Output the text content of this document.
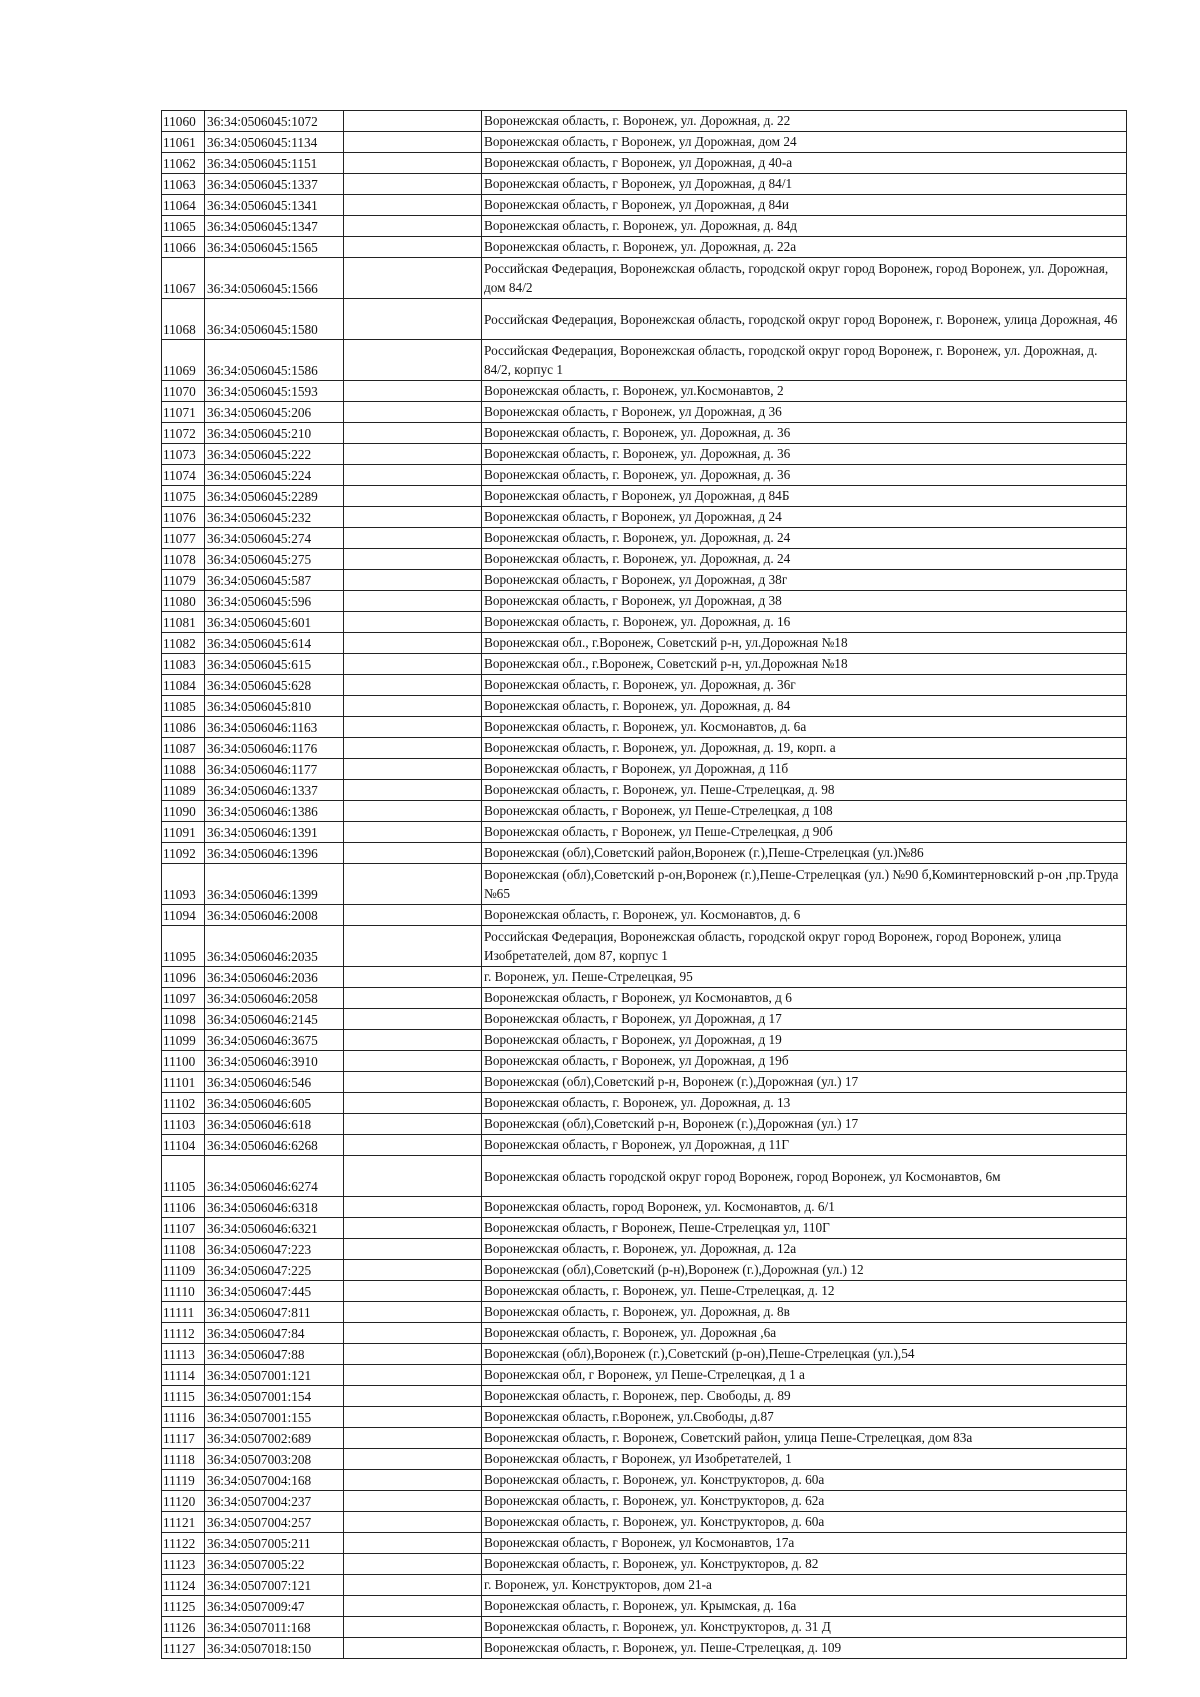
11060	36:34:0506045:1072		Воронежская область, г. Воронеж, ул. Дорожная, д. 22
11061	36:34:0506045:1134		Воронежская область, г Воронеж, ул Дорожная, дом 24
11062	36:34:0506045:1151		Воронежская область, г Воронеж, ул Дорожная, д 40-а
11063	36:34:0506045:1337		Воронежская область, г Воронеж, ул Дорожная, д 84/1
11064	36:34:0506045:1341		Воронежская область, г Воронеж, ул Дорожная, д 84и
11065	36:34:0506045:1347		Воронежская область, г. Воронеж, ул. Дорожная, д. 84д
11066	36:34:0506045:1565		Воронежская область, г. Воронеж, ул. Дорожная, д. 22а
11067	36:34:0506045:1566		Российская Федерация, Воронежская область, городской округ город Воронеж, город Воронеж, ул. Дорожная, дом 84/2
11068	36:34:0506045:1580		Российская Федерация, Воронежская область, городской округ город Воронеж, г. Воронеж, улица Дорожная, 46
11069	36:34:0506045:1586		Российская Федерация, Воронежская область, городской округ город Воронеж, г. Воронеж, ул. Дорожная, д. 84/2, корпус 1
11070	36:34:0506045:1593		Воронежская область, г. Воронеж, ул.Космонавтов, 2
11071	36:34:0506045:206		Воронежская область, г Воронеж, ул Дорожная, д 36
11072	36:34:0506045:210		Воронежская область, г. Воронеж, ул. Дорожная, д. 36
11073	36:34:0506045:222		Воронежская область, г. Воронеж, ул. Дорожная, д. 36
11074	36:34:0506045:224		Воронежская область, г. Воронеж, ул. Дорожная, д. 36
11075	36:34:0506045:2289		Воронежская область, г Воронеж, ул Дорожная, д 84Б
11076	36:34:0506045:232		Воронежская область, г Воронеж, ул Дорожная, д 24
11077	36:34:0506045:274		Воронежская область, г. Воронеж, ул. Дорожная, д. 24
11078	36:34:0506045:275		Воронежская область, г. Воронеж, ул. Дорожная, д. 24
11079	36:34:0506045:587		Воронежская область, г Воронеж, ул Дорожная, д 38г
11080	36:34:0506045:596		Воронежская область, г Воронеж, ул Дорожная, д 38
11081	36:34:0506045:601		Воронежская область, г. Воронеж, ул. Дорожная, д. 16
11082	36:34:0506045:614		Воронежская обл., г.Воронеж, Советский р-н, ул.Дорожная №18
11083	36:34:0506045:615		Воронежская обл., г.Воронеж, Советский р-н, ул.Дорожная №18
11084	36:34:0506045:628		Воронежская область, г. Воронеж, ул. Дорожная, д. 36г
11085	36:34:0506045:810		Воронежская область, г. Воронеж, ул. Дорожная, д. 84
11086	36:34:0506046:1163		Воронежская область, г. Воронеж, ул. Космонавтов, д. 6а
11087	36:34:0506046:1176		Воронежская область, г. Воронеж, ул. Дорожная, д. 19, корп. а
11088	36:34:0506046:1177		Воронежская область, г Воронеж, ул Дорожная, д 11б
11089	36:34:0506046:1337		Воронежская область, г. Воронеж, ул. Пеше-Стрелецкая, д. 98
11090	36:34:0506046:1386		Воронежская область, г Воронеж, ул Пеше-Стрелецкая, д 108
11091	36:34:0506046:1391		Воронежская область, г Воронеж, ул Пеше-Стрелецкая, д 90б
11092	36:34:0506046:1396		Воронежская (обл),Советский район,Воронеж (г.),Пеше-Стрелецкая (ул.)№86
11093	36:34:0506046:1399		Воронежская (обл),Советский р-он,Воронеж (г.),Пеше-Стрелецкая (ул.) №90 б,Коминтерновский р-он ,пр.Труда №65
11094	36:34:0506046:2008		Воронежская область, г. Воронеж, ул. Космонавтов, д. 6
11095	36:34:0506046:2035		Российская Федерация, Воронежская область, городской округ город Воронеж, город Воронеж, улица Изобретателей, дом 87, корпус 1
11096	36:34:0506046:2036		г. Воронеж, ул. Пеше-Стрелецкая, 95
11097	36:34:0506046:2058		Воронежская область, г Воронеж, ул Космонавтов, д 6
11098	36:34:0506046:2145		Воронежская область, г Воронеж, ул Дорожная, д 17
11099	36:34:0506046:3675		Воронежская область, г Воронеж, ул Дорожная, д 19
11100	36:34:0506046:3910		Воронежская область, г Воронеж, ул Дорожная, д 19б
11101	36:34:0506046:546		Воронежская (обл),Советский р-н, Воронеж (г.),Дорожная (ул.) 17
11102	36:34:0506046:605		Воронежская область, г. Воронеж, ул. Дорожная, д. 13
11103	36:34:0506046:618		Воронежская (обл),Советский р-н, Воронеж (г.),Дорожная (ул.) 17
11104	36:34:0506046:6268		Воронежская область, г Воронеж, ул Дорожная, д 11Г
11105	36:34:0506046:6274		Воронежская область городской округ город Воронеж, город Воронеж, ул Космонавтов, 6м
11106	36:34:0506046:6318		Воронежская область, город Воронеж, ул. Космонавтов, д. 6/1
11107	36:34:0506046:6321		Воронежская область, г Воронеж, Пеше-Стрелецкая ул, 110Г
11108	36:34:0506047:223		Воронежская область, г. Воронеж, ул. Дорожная, д. 12а
11109	36:34:0506047:225		Воронежская (обл),Советский (р-н),Воронеж (г.),Дорожная (ул.) 12
11110	36:34:0506047:445		Воронежская область, г. Воронеж, ул. Пеше-Стрелецкая, д. 12
11111	36:34:0506047:811		Воронежская область, г. Воронеж, ул. Дорожная, д. 8в
11112	36:34:0506047:84		Воронежская область, г. Воронеж, ул. Дорожная ,6а
11113	36:34:0506047:88		Воронежская (обл),Воронеж (г.),Советский (р-он),Пеше-Стрелецкая (ул.),54
11114	36:34:0507001:121		Воронежская обл, г Воронеж, ул Пеше-Стрелецкая, д 1 а
11115	36:34:0507001:154		Воронежская область, г. Воронеж, пер. Свободы, д. 89
11116	36:34:0507001:155		Воронежская область, г.Воронеж, ул.Свободы, д.87
11117	36:34:0507002:689		Воронежская область, г. Воронеж, Советский район, улица Пеше-Стрелецкая, дом 83а
11118	36:34:0507003:208		Воронежская область, г Воронеж, ул Изобретателей, 1
11119	36:34:0507004:168		Воронежская область, г. Воронеж, ул. Конструкторов, д. 60а
11120	36:34:0507004:237		Воронежская область, г. Воронеж, ул. Конструкторов, д. 62а
11121	36:34:0507004:257		Воронежская область, г. Воронеж, ул. Конструкторов, д. 60а
11122	36:34:0507005:211		Воронежская область, г Воронеж, ул Космонавтов, 17а
11123	36:34:0507005:22		Воронежская область, г. Воронеж, ул. Конструкторов, д. 82
11124	36:34:0507007:121		г. Воронеж, ул. Конструкторов, дом 21-а
11125	36:34:0507009:47		Воронежская область, г. Воронеж, ул. Крымская, д. 16а
11126	36:34:0507011:168		Воронежская область, г. Воронеж, ул. Конструкторов, д. 31 Д
11127	36:34:0507018:150		Воронежская область, г. Воронеж, ул. Пеше-Стрелецкая, д. 109
